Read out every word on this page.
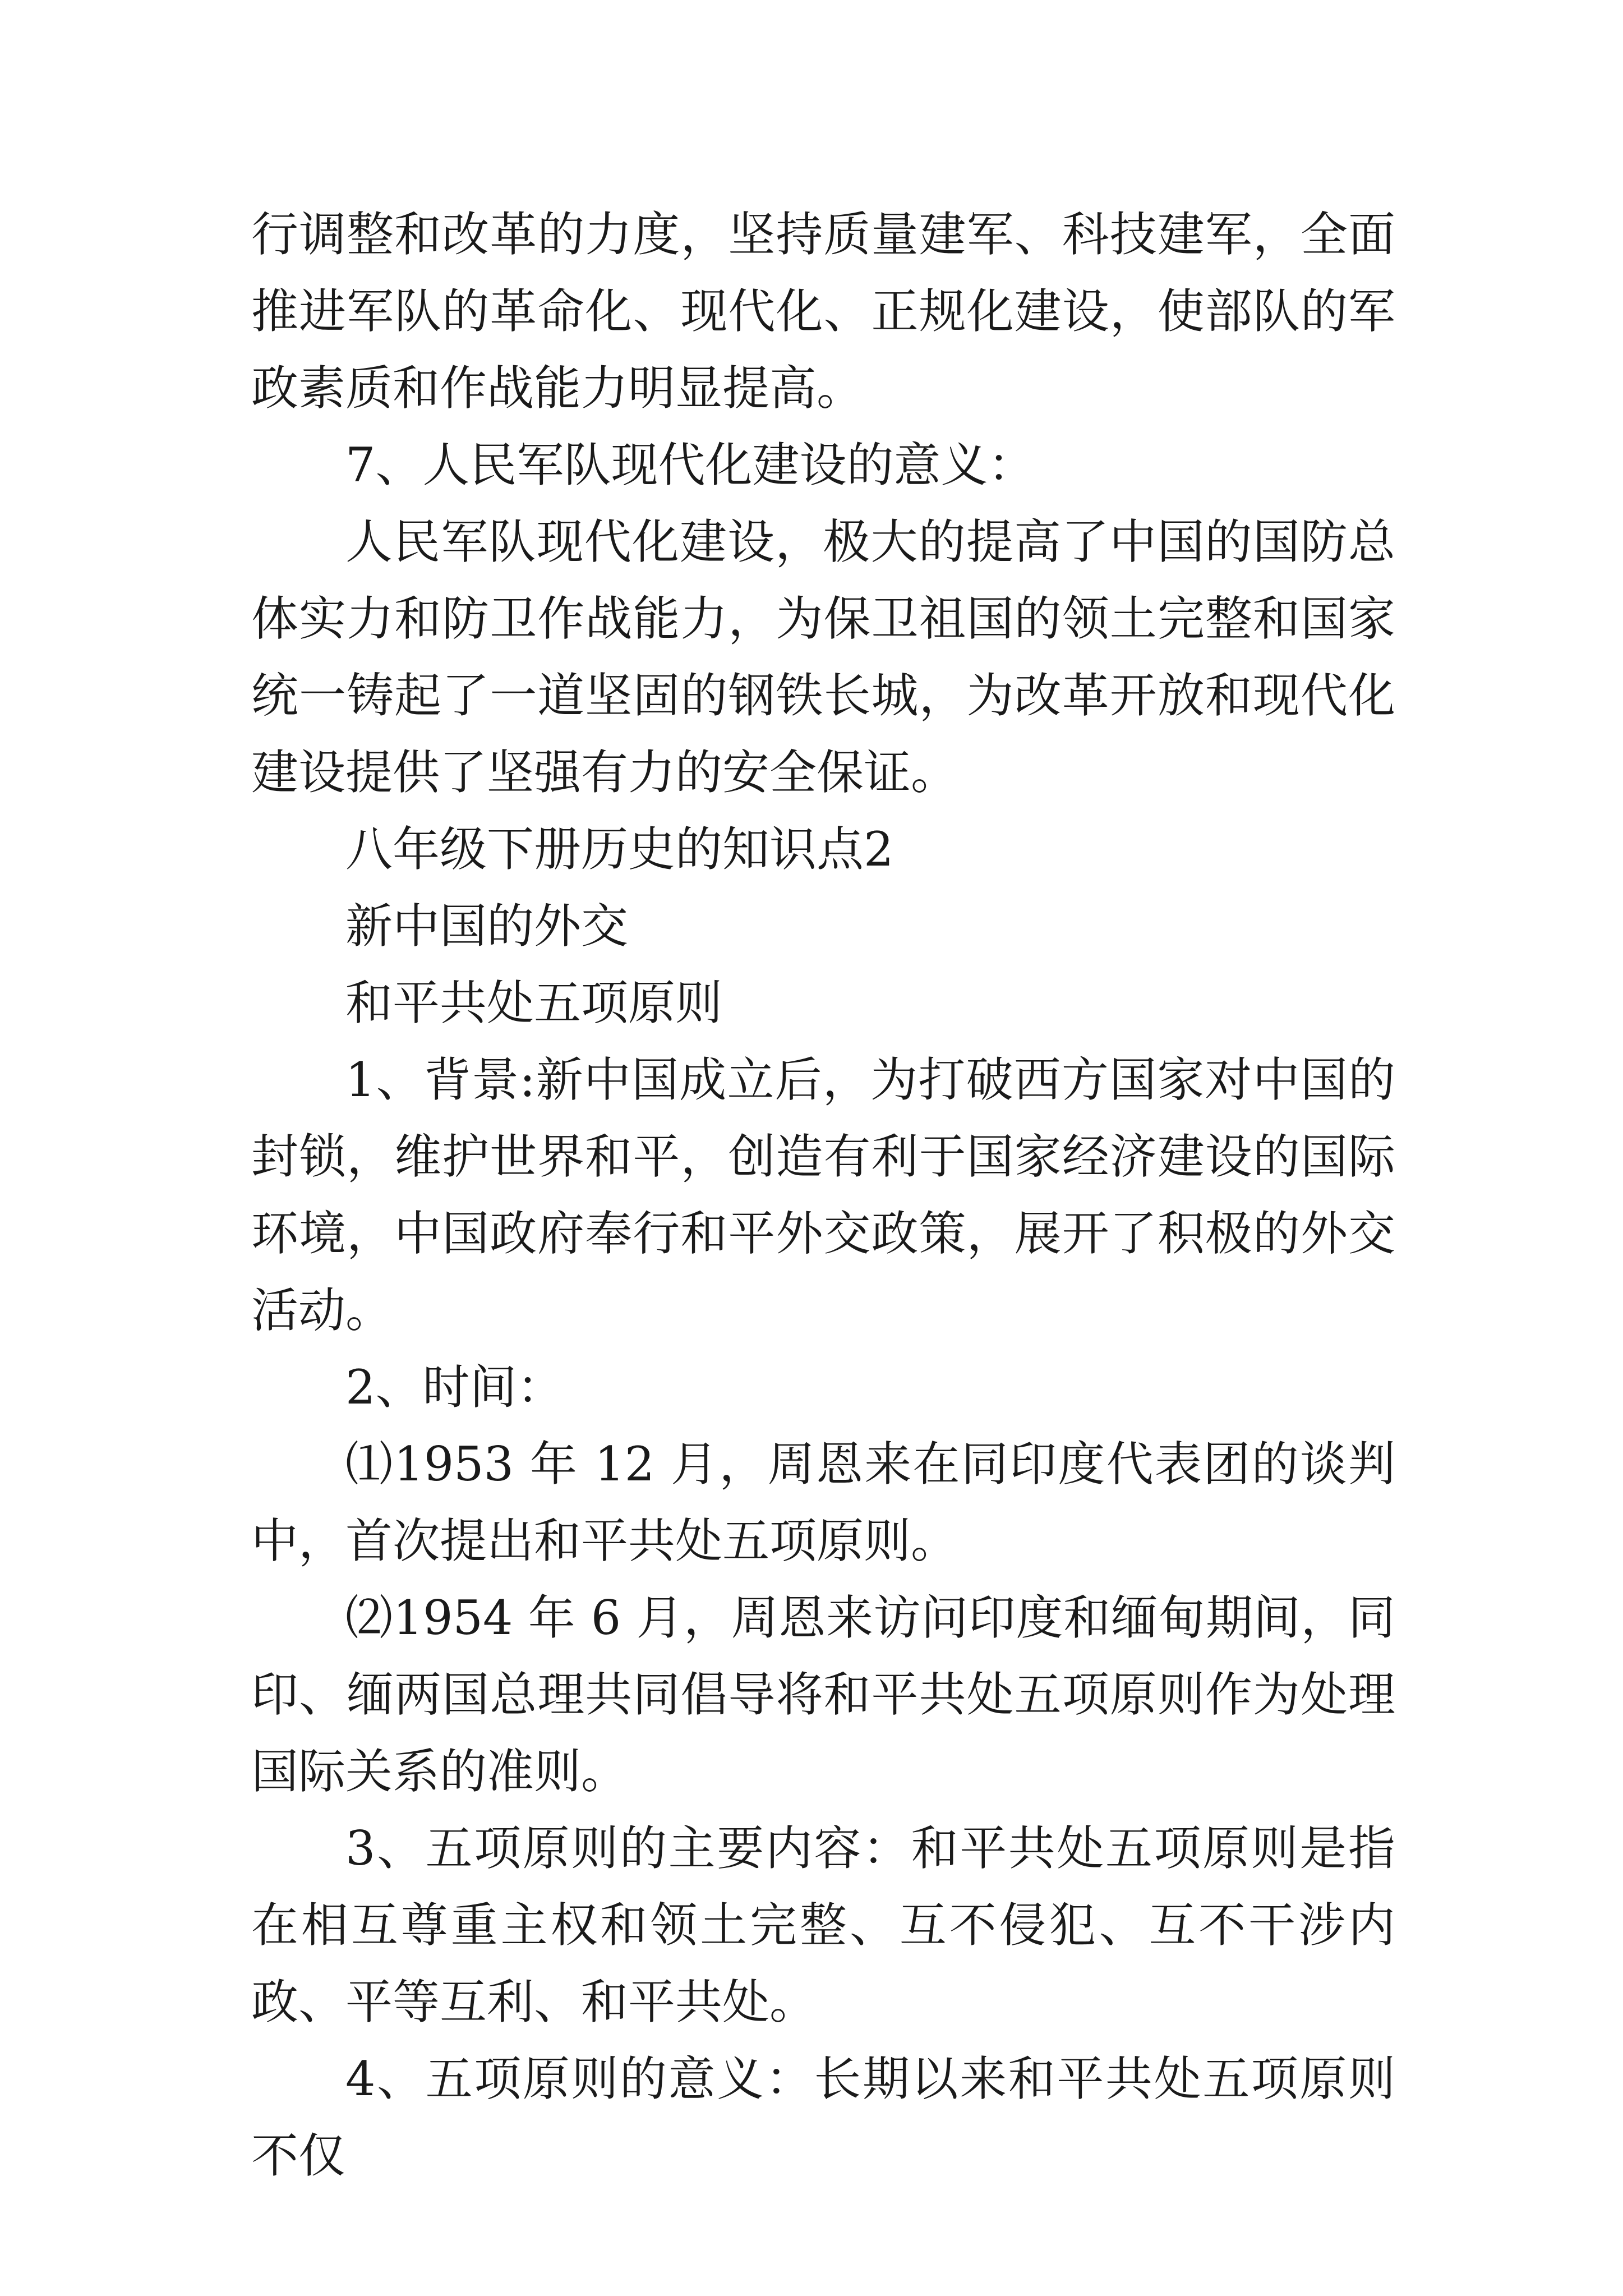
行调整和改革的力度，坚持质量建军、科技建军，全面推进军队的革命化、现代化、正规化建设，使部队的军政素质和作战能力明显提高。

7、人民军队现代化建设的意义：

人民军队现代化建设，极大的提高了中国的国防总体实力和防卫作战能力，为保卫祖国的领土完整和国家统一铸起了一道坚固的钢铁长城，为改革开放和现代化建设提供了坚强有力的安全保证。

八年级下册历史的知识点2

新中国的外交

和平共处五项原则

1、背景:新中国成立后，为打破西方国家对中国的封锁，维护世界和平，创造有利于国家经济建设的国际环境，中国政府奉行和平外交政策，展开了积极的外交活动。

2、时间：

⑴1953 年 12 月，周恩来在同印度代表团的谈判中，首次提出和平共处五项原则。

⑵1954 年 6 月，周恩来访问印度和缅甸期间，同印、缅两国总理共同倡导将和平共处五项原则作为处理国际关系的准则。

3、五项原则的主要内容：和平共处五项原则是指在相互尊重主权和领土完整、互不侵犯、互不干涉内政、平等互利、和平共处。

4、五项原则的意义：长期以来和平共处五项原则不仅
